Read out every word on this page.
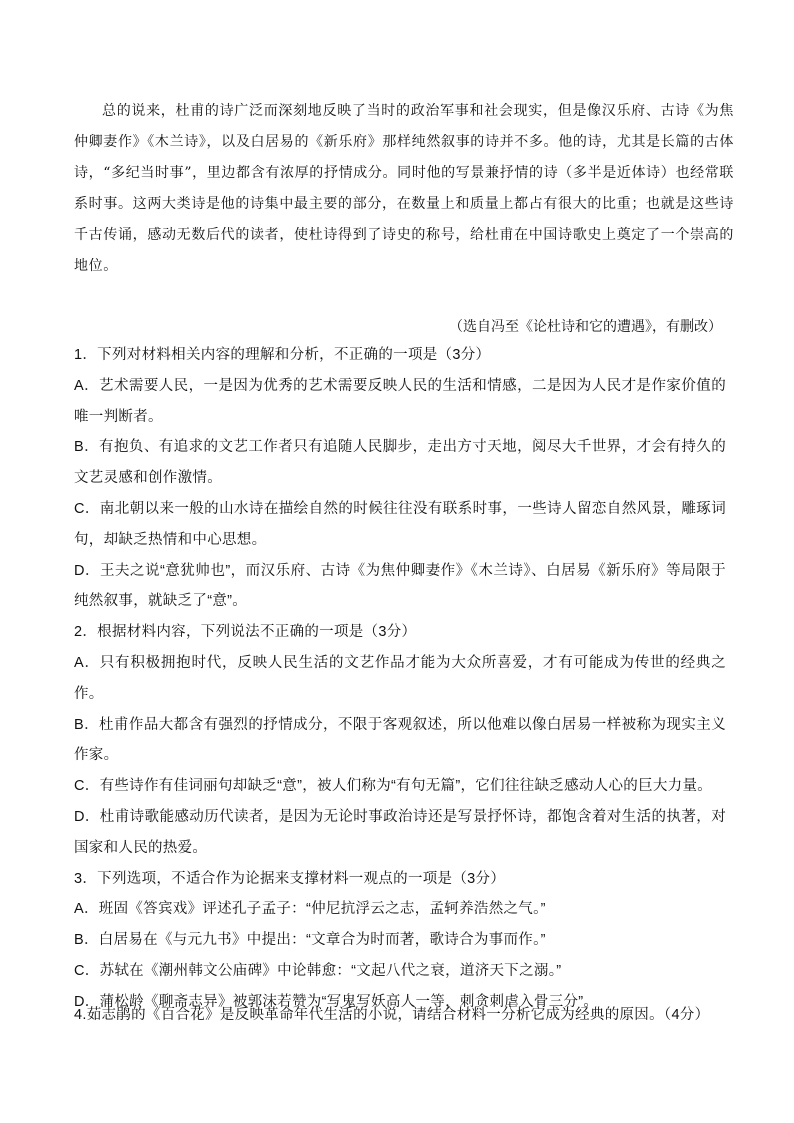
总的说来，杜甫的诗广泛而深刻地反映了当时的政治军事和社会现实，但是像汉乐府、古诗《为焦仲卿妻作》《木兰诗》，以及白居易的《新乐府》那样纯然叙事的诗并不多。他的诗，尤其是长篇的古体诗，“多纪当时事”，里边都含有浓厚的抒情成分。同时他的写景兼抒情的诗（多半是近体诗）也经常联系时事。这两大类诗是他的诗集中最主要的部分，在数量上和质量上都占有很大的比重；也就是这些诗千古传诵，感动无数后代的读者，使杜诗得到了诗史的称号，给杜甫在中国诗歌史上奠定了一个崇高的地位。

（选自冯至《论杜诗和它的遭遇》，有删改）

1．下列对材料相关内容的理解和分析，不正确的一项是（3分）

A．艺术需要人民，一是因为优秀的艺术需要反映人民的生活和情感，二是因为人民才是作家价值的唯一判断者。

B．有抱负、有追求的文艺工作者只有追随人民脚步，走出方寸天地，阅尽大千世界，才会有持久的文艺灵感和创作激情。

C．南北朝以来一般的山水诗在描绘自然的时候往往没有联系时事，一些诗人留恋自然风景，雕琢词句，却缺乏热情和中心思想。

D．王夫之说“意犹帅也”，而汉乐府、古诗《为焦仲卿妻作》《木兰诗》、白居易《新乐府》等局限于纯然叙事，就缺乏了“意”。

2．根据材料内容，下列说法不正确的一项是（3分）

A．只有积极拥抱时代，反映人民生活的文艺作品才能为大众所喜爱，才有可能成为传世的经典之作。

B．杜甫作品大都含有强烈的抒情成分，不限于客观叙述，所以他难以像白居易一样被称为现实主义作家。

C．有些诗作有佳词丽句却缺乏“意”，被人们称为“有句无篇”，它们往往缺乏感动人心的巨大力量。

D．杜甫诗歌能感动历代读者，是因为无论时事政治诗还是写景抒怀诗，都饱含着对生活的执著，对国家和人民的热爱。

3．下列选项，不适合作为论据来支撑材料一观点的一项是（3分）

A．班固《答宾戏》评述孔子孟子：“仲尼抗浮云之志，孟轲养浩然之气。”

B．白居易在《与元九书》中提出：“文章合为时而著，歌诗合为事而作。”

C．苏轼在《潮州韩文公庙碑》中论韩愈：“文起八代之衰，道济天下之溺。”

D．蒲松龄《聊斋志异》被郭沫若赞为“写鬼写妖高人一等，刺贪刺虐入骨三分”。

4.茹志鹃的《百合花》是反映革命年代生活的小说，请结合材料一分析它成为经典的原因。（4分）
